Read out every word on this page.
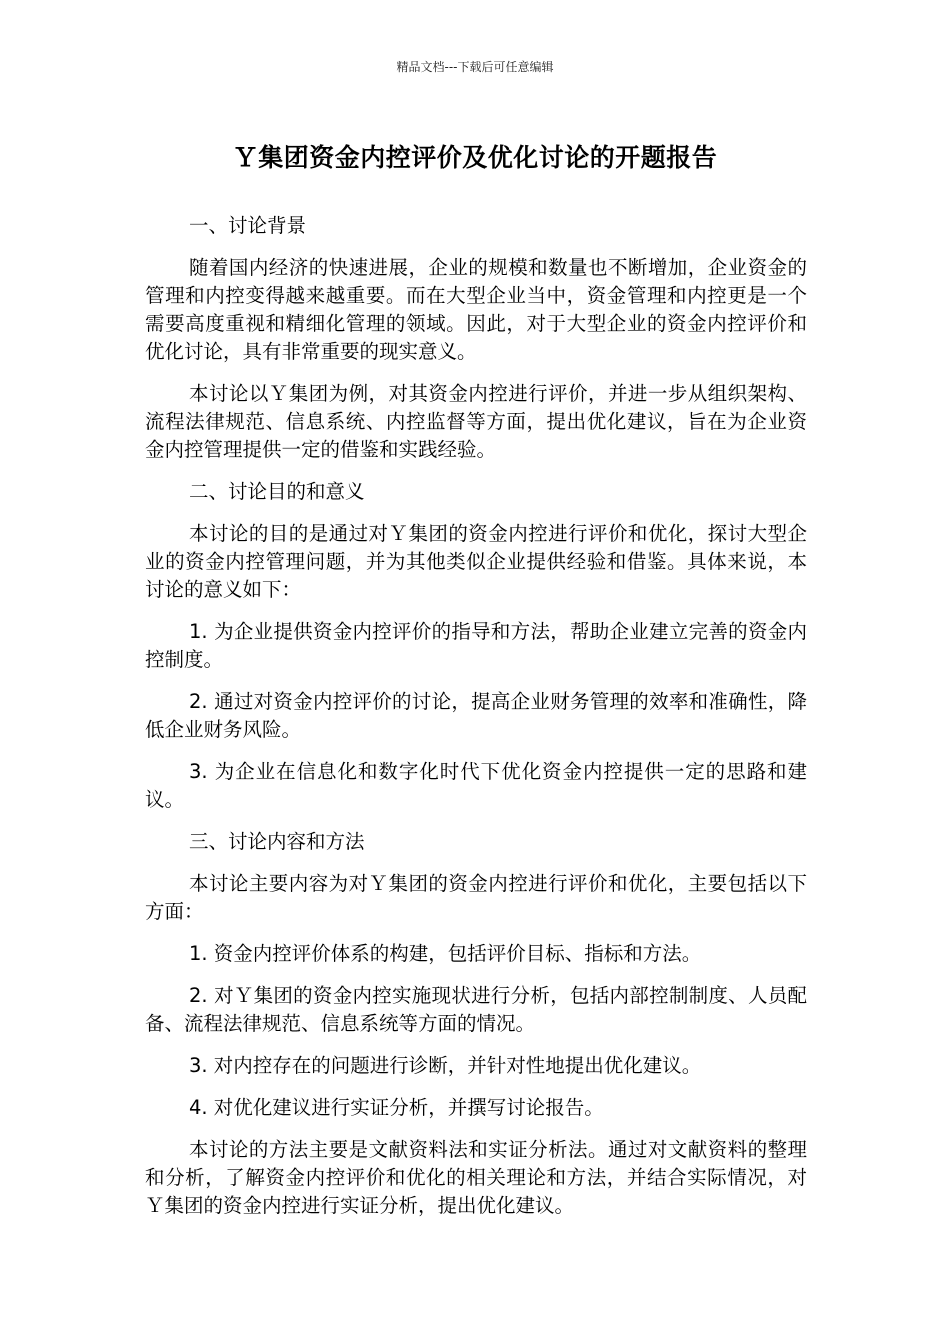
精品文档---下载后可任意编辑
Ｙ集团资金内控评价及优化讨论的开题报告

一、讨论背景

随着国内经济的快速进展，企业的规模和数量也不断增加，企业资金的管理和内控变得越来越重要。而在大型企业当中，资金管理和内控更是一个需要高度重视和精细化管理的领域。因此，对于大型企业的资金内控评价和优化讨论，具有非常重要的现实意义。

本讨论以Ｙ集团为例，对其资金内控进行评价，并进一步从组织架构、流程法律规范、信息系统、内控监督等方面，提出优化建议，旨在为企业资金内控管理提供一定的借鉴和实践经验。

二、讨论目的和意义

本讨论的目的是通过对Ｙ集团的资金内控进行评价和优化，探讨大型企业的资金内控管理问题，并为其他类似企业提供经验和借鉴。具体来说，本讨论的意义如下：

1. 为企业提供资金内控评价的指导和方法，帮助企业建立完善的资金内控制度。

2. 通过对资金内控评价的讨论，提高企业财务管理的效率和准确性，降低企业财务风险。

3. 为企业在信息化和数字化时代下优化资金内控提供一定的思路和建议。

三、讨论内容和方法

本讨论主要内容为对Ｙ集团的资金内控进行评价和优化，主要包括以下方面：

1. 资金内控评价体系的构建，包括评价目标、指标和方法。

2. 对Ｙ集团的资金内控实施现状进行分析，包括内部控制制度、人员配备、流程法律规范、信息系统等方面的情况。

3. 对内控存在的问题进行诊断，并针对性地提出优化建议。

4. 对优化建议进行实证分析，并撰写讨论报告。

本讨论的方法主要是文献资料法和实证分析法。通过对文献资料的整理和分析，了解资金内控评价和优化的相关理论和方法，并结合实际情况，对Ｙ集团的资金内控进行实证分析，提出优化建议。
